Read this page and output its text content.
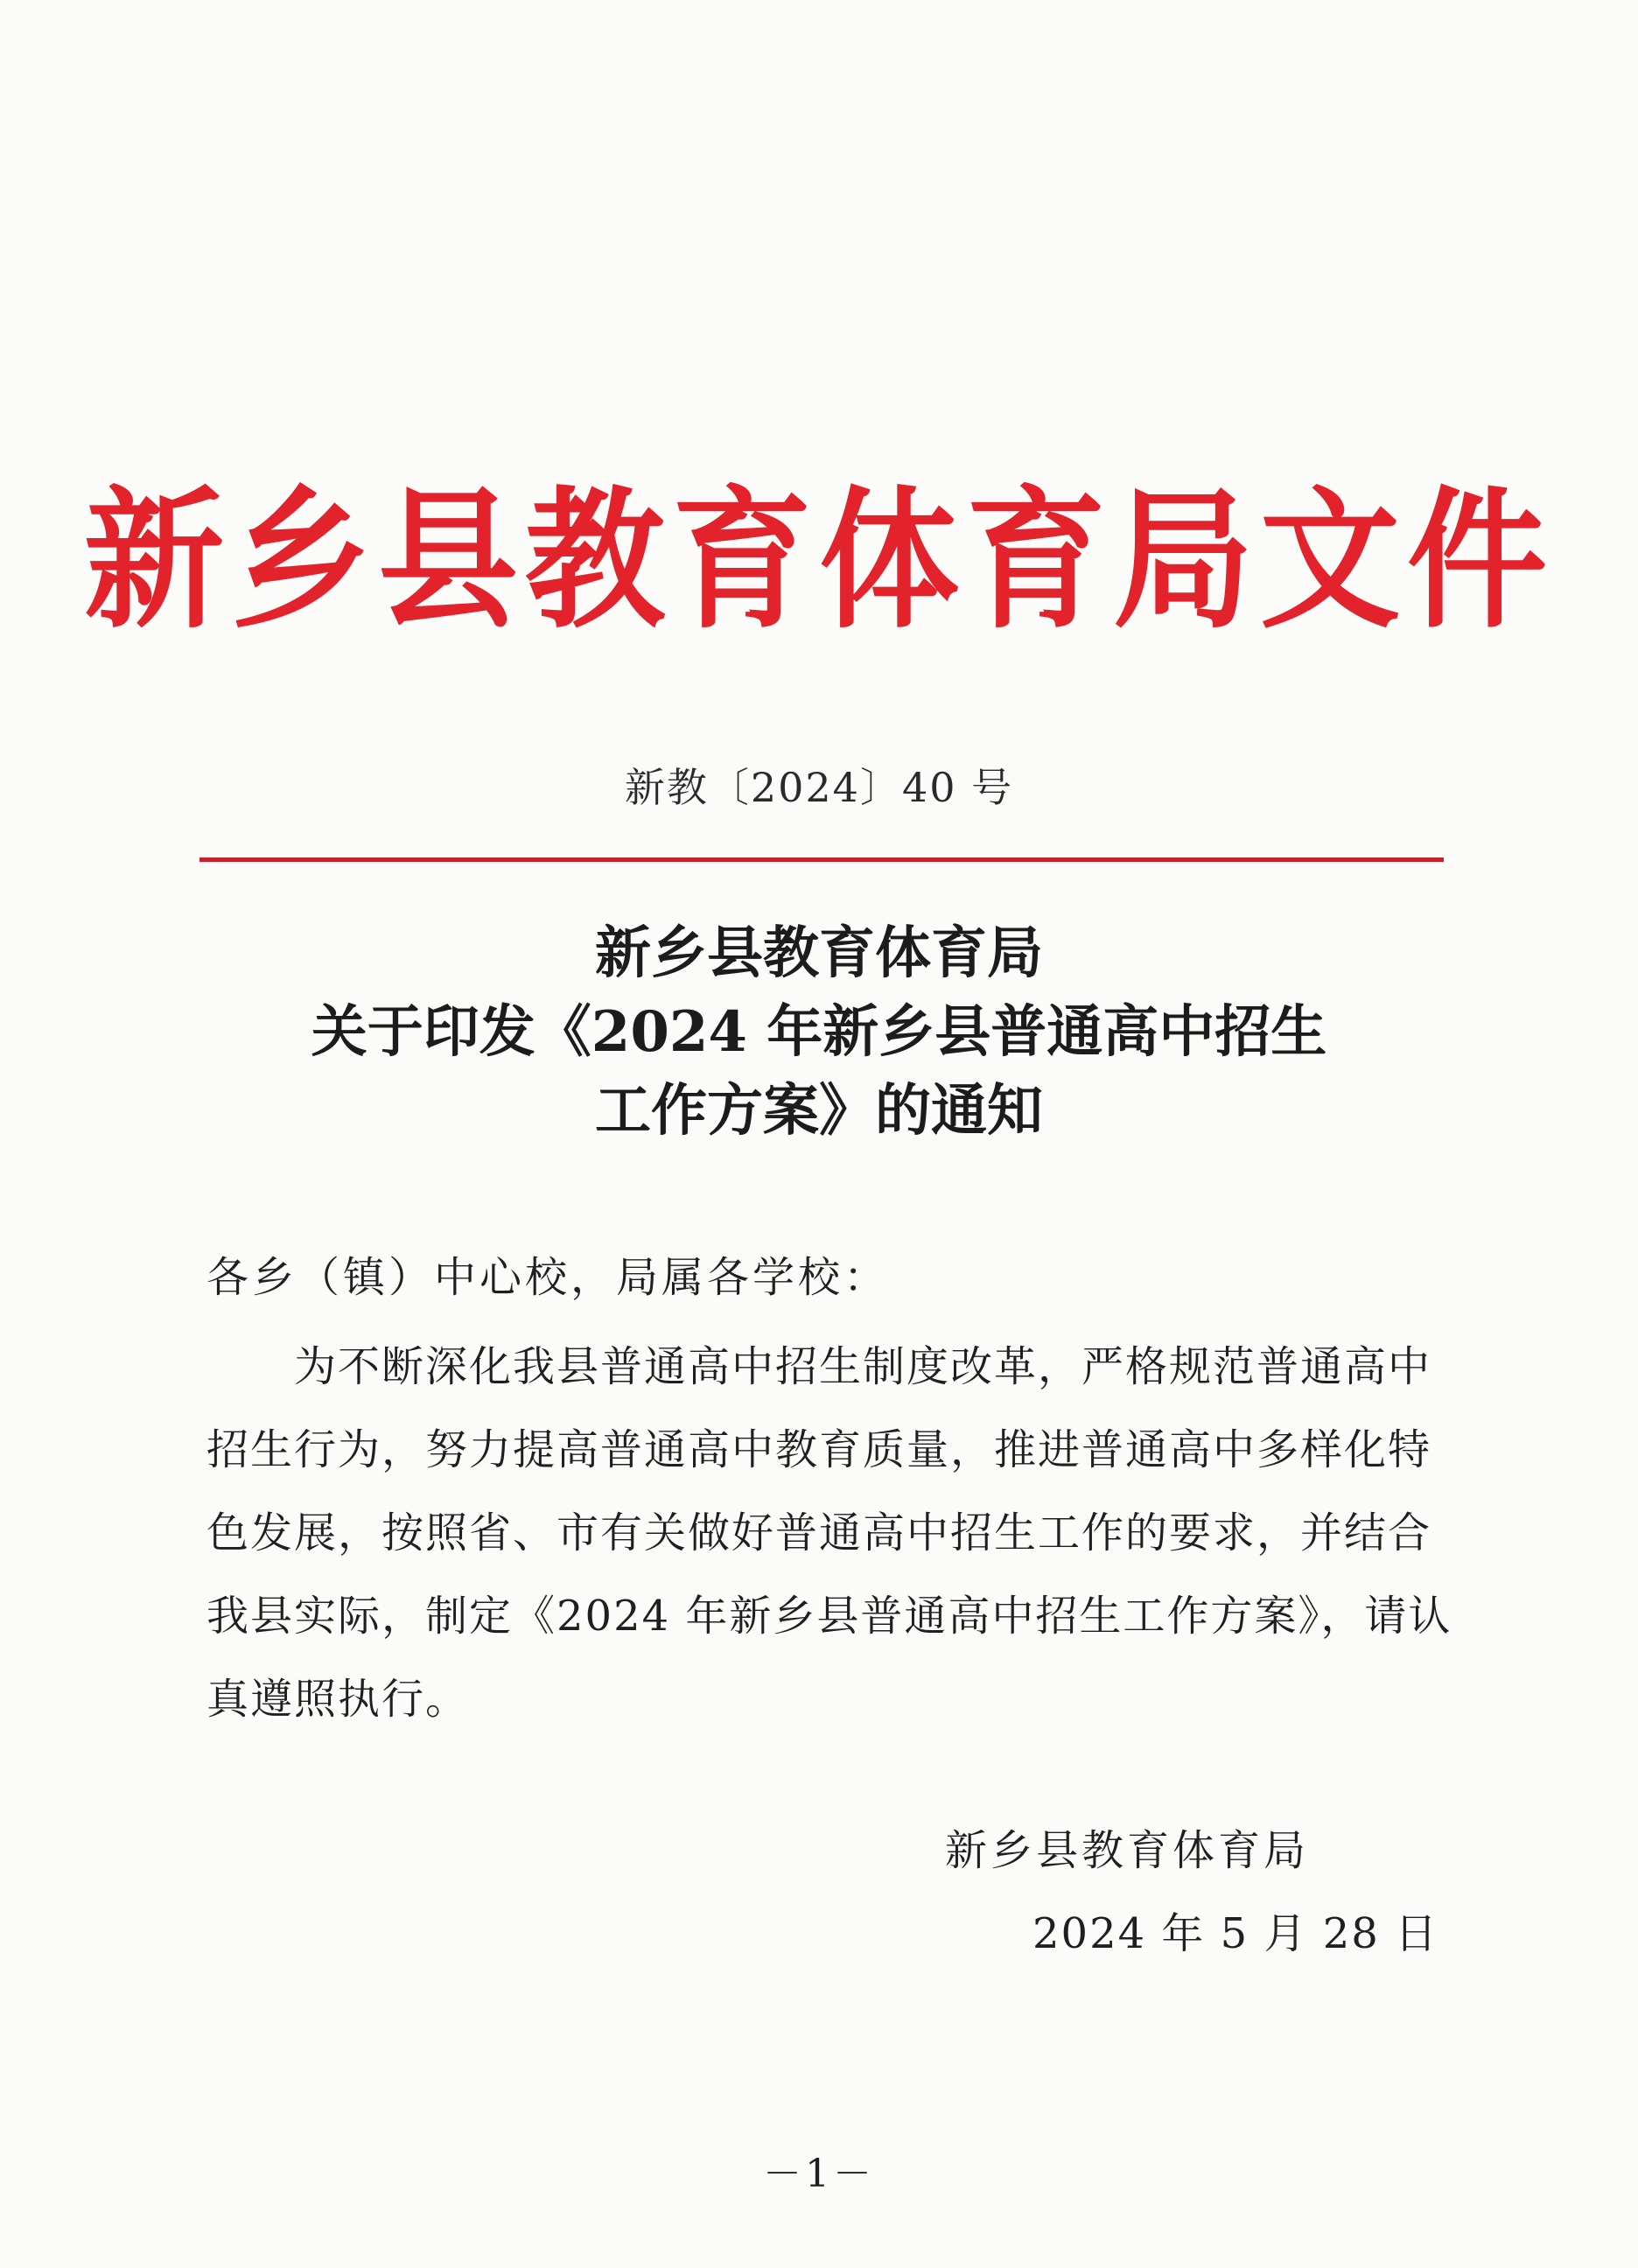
新乡县教育体育局文件
新教〔2024〕40 号
新乡县教育体育局
关于印发《2024 年新乡县普通高中招生
工作方案》的通知
各乡（镇）中心校，局属各学校：
为不断深化我县普通高中招生制度改革，严格规范普通高中
招生行为，努力提高普通高中教育质量，推进普通高中多样化特
色发展，按照省、市有关做好普通高中招生工作的要求，并结合
我县实际，制定《2024 年新乡县普通高中招生工作方案》，请认
真遵照执行。
新乡县教育体育局
2024 年 5 月 28 日
－1－
